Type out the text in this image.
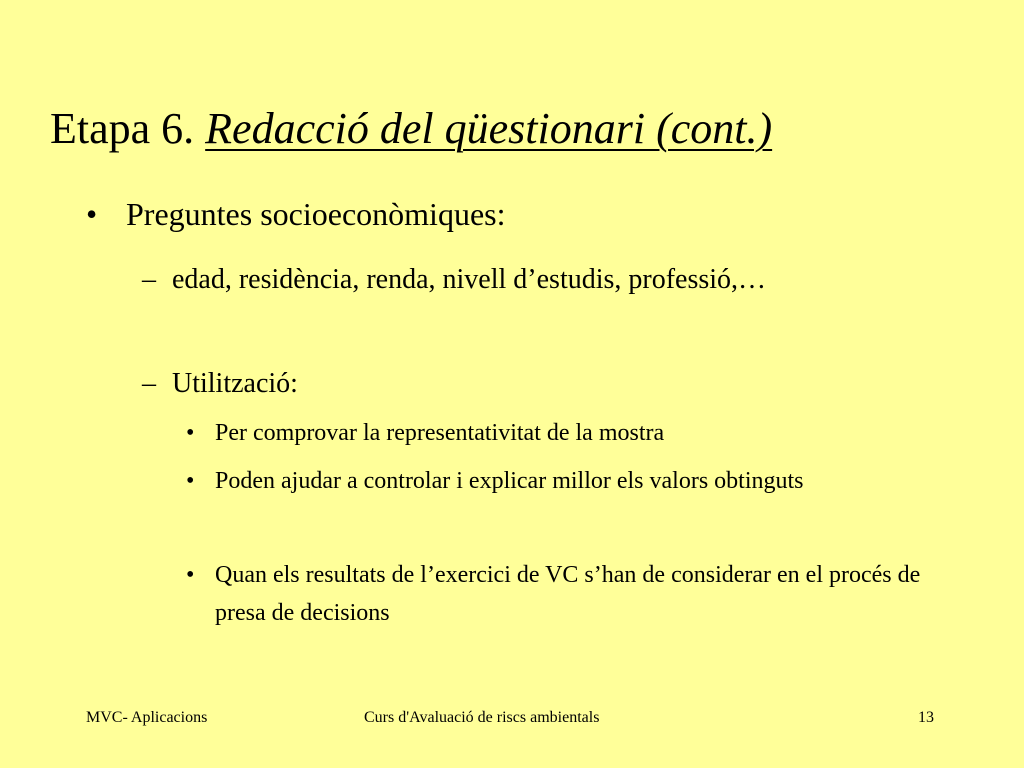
Etapa 6. Redacció del qüestionari (cont.)
• Preguntes socioeconòmiques:
– edad, residència, renda, nivell d’estudis, professió,…
– Utilització:
• Per comprovar la representativitat de la mostra
• Poden ajudar a controlar i explicar millor els valors obtinguts
• Quan els resultats de l’exercici de VC s’han de considerar en el procés de presa de decisions
MVC- Aplicacions	Curs d'Avaluació de riscs ambientals	13
